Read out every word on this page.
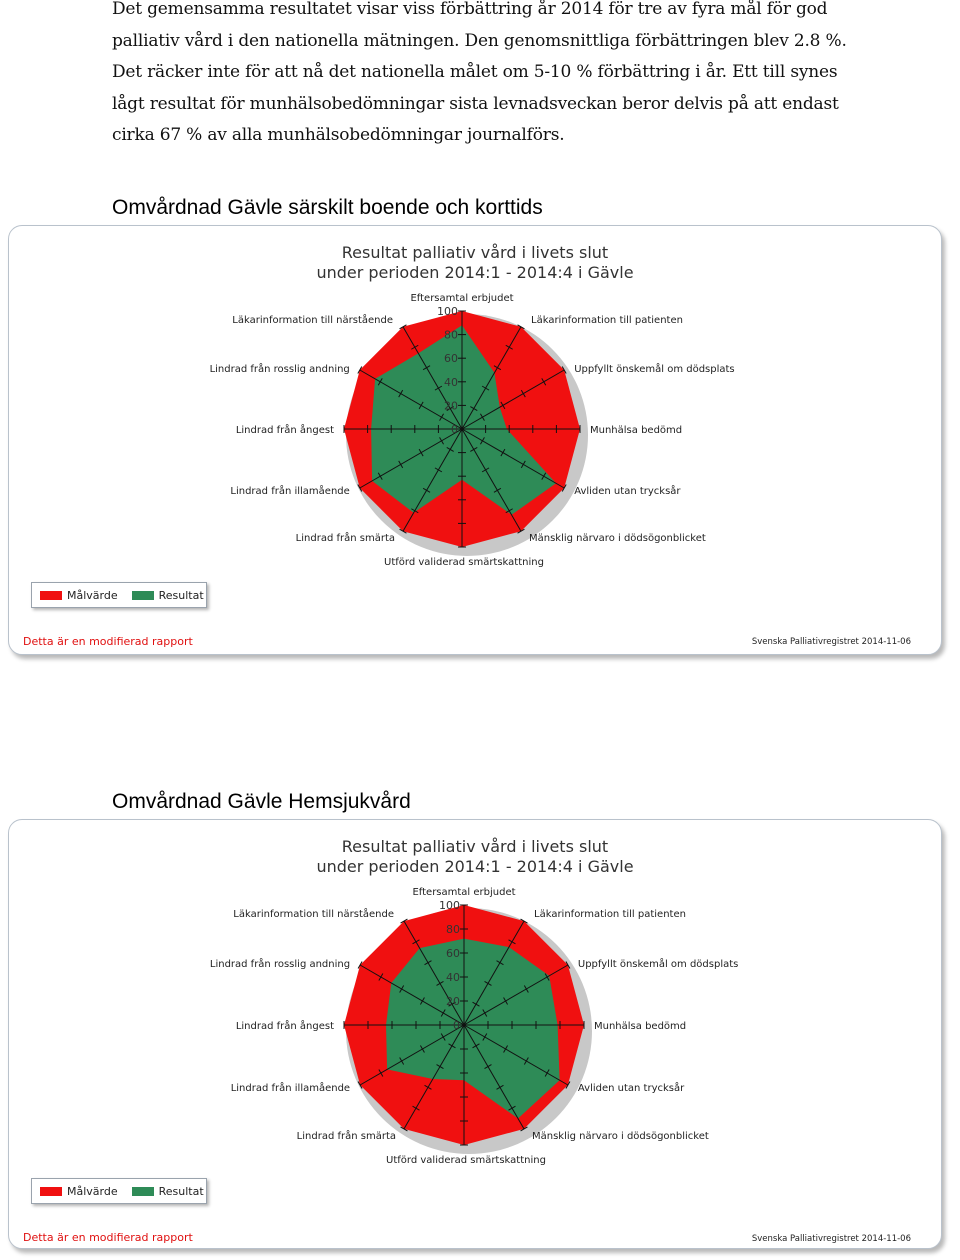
Det gemensamma resultatet visar viss förbättring år 2014 för tre av fyra mål för god palliativ vård i den nationella mätningen. Den genomsnittliga förbättringen blev 2.8 %. Det räcker inte för att nå det nationella målet om 5-10 % förbättring i år. Ett till synes lågt resultat för munhälsobedömningar sista levnadsveckan beror delvis på att endast cirka 67 % av alla munhälsobedömningar journalförs.
Omvårdnad Gävle särskilt boende och korttids
Resultat palliativ vård i livets slut
under perioden 2014:1 - 2014:4 i Gävle
Eftersamtal erbjudet
Läkarinformation till patienten
Uppfyllt önskemål om dödsplats
Munhälsa bedömd
Avliden utan trycksår
Mänsklig närvaro i dödsögonblicket
Utförd validerad smärtskattning
Lindrad från smärta
Lindrad från illamående
Lindrad från ångest
Lindrad från rosslig andning
Läkarinformation till närstående
0
20
40
60
80
100
Målvärde	Resultat
Detta är en modifierad rapport	Svenska Palliativregistret 2014-11-06
Omvårdnad Gävle Hemsjukvård
Resultat palliativ vård i livets slut
under perioden 2014:1 - 2014:4 i Gävle
Eftersamtal erbjudet
Läkarinformation till patienten
Uppfyllt önskemål om dödsplats
Munhälsa bedömd
Avliden utan trycksår
Mänsklig närvaro i dödsögonblicket
Utförd validerad smärtskattning
Lindrad från smärta
Lindrad från illamående
Lindrad från ångest
Lindrad från rosslig andning
Läkarinformation till närstående
0
20
40
60
80
100
Målvärde	Resultat
Detta är en modifierad rapport	Svenska Palliativregistret 2014-11-06
